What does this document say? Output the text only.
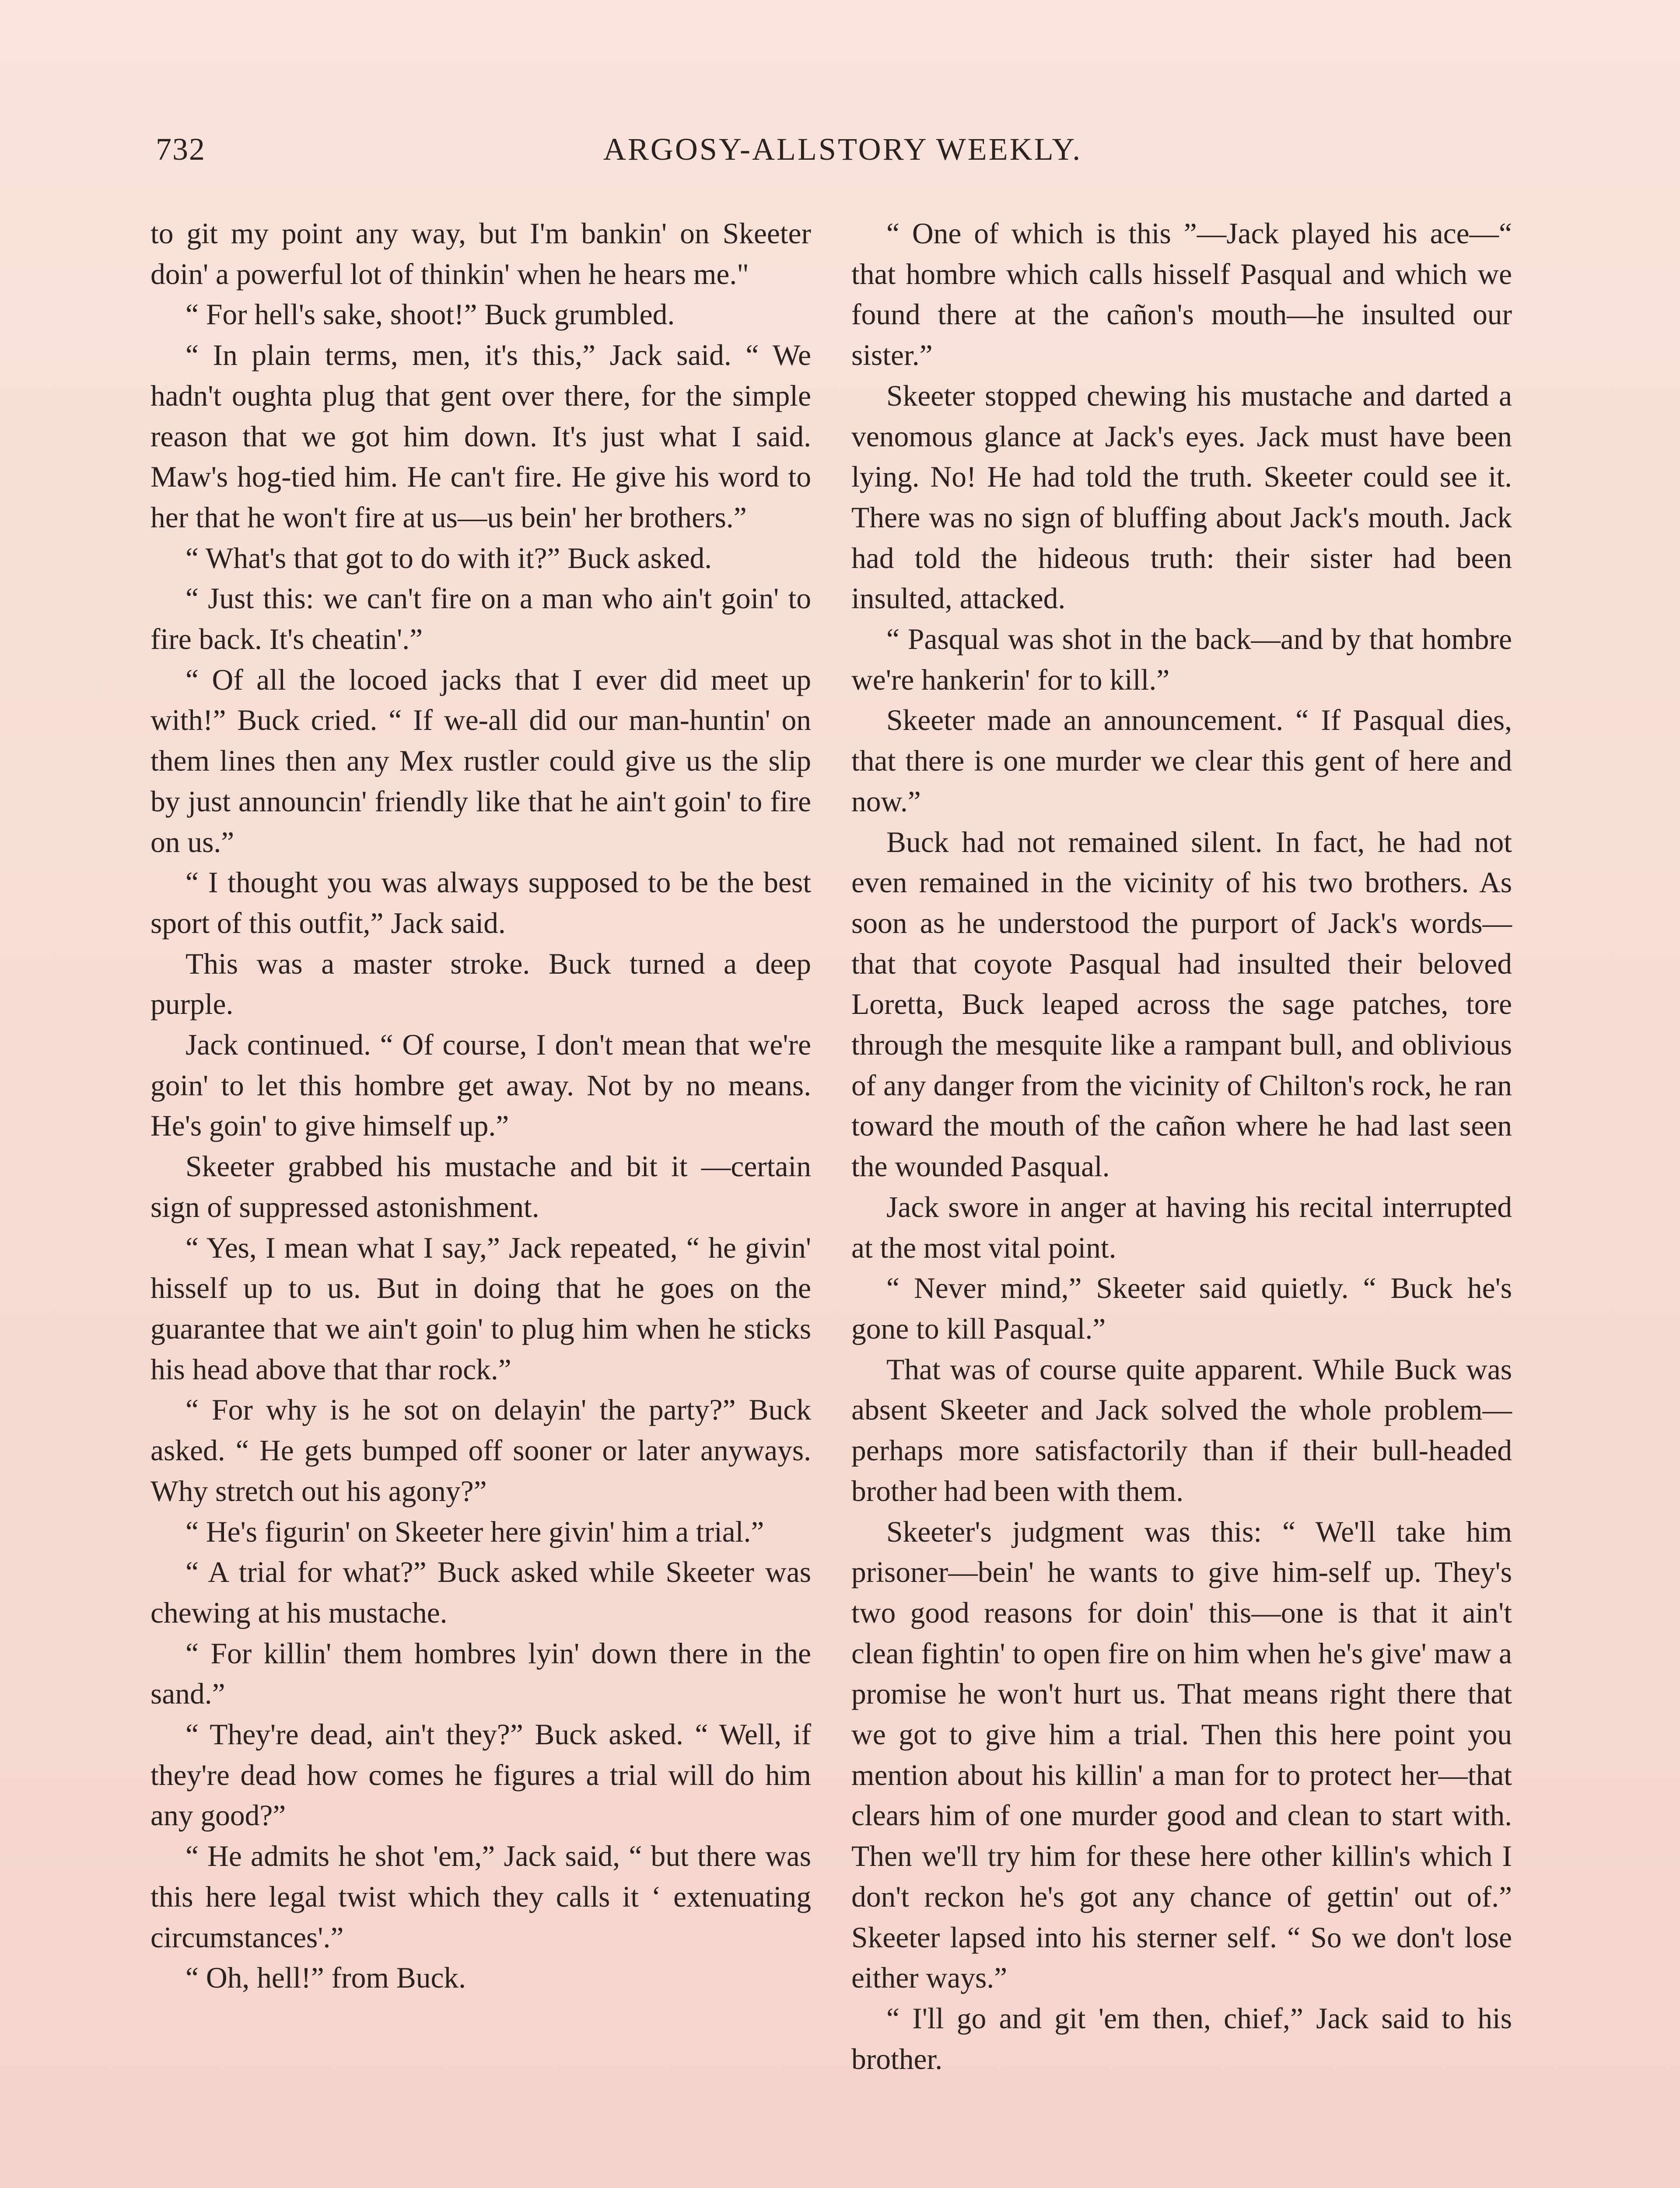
732	ARGOSY-ALLSTORY WEEKLY.

to git my point any way, but I'm bankin' on Skeeter doin' a powerful lot of thinkin' when he hears me."

“ For hell's sake, shoot!” Buck grumbled.

“ In plain terms, men, it's this,” Jack said. “ We hadn't oughta plug that gent over there, for the simple reason that we got him down. It's just what I said. Maw's hog-tied him. He can't fire. He give his word to her that he won't fire at us—us bein' her brothers.”

“ What's that got to do with it?” Buck asked.

“ Just this: we can't fire on a man who ain't goin' to fire back. It's cheatin'.”

“ Of all the locoed jacks that I ever did meet up with!” Buck cried. “ If we-all did our man-huntin' on them lines then any Mex rustler could give us the slip by just announcin' friendly like that he ain't goin' to fire on us.”

“ I thought you was always supposed to be the best sport of this outfit,” Jack said.

This was a master stroke. Buck turned a deep purple.

Jack continued. “ Of course, I don't mean that we're goin' to let this hombre get away. Not by no means. He's goin' to give himself up.”

Skeeter grabbed his mustache and bit it —certain sign of suppressed astonishment.

“ Yes, I mean what I say,” Jack repeated, “ he givin' hisself up to us. But in doing that he goes on the guarantee that we ain't goin' to plug him when he sticks his head above that thar rock.”

“ For why is he sot on delayin' the party?” Buck asked. “ He gets bumped off sooner or later anyways. Why stretch out his agony?”

“ He's figurin' on Skeeter here givin' him a trial.”

“ A trial for what?” Buck asked while Skeeter was chewing at his mustache.

“ For killin' them hombres lyin' down there in the sand.”

“ They're dead, ain't they?” Buck asked. “ Well, if they're dead how comes he figures a trial will do him any good?”

“ He admits he shot 'em,” Jack said, “ but there was this here legal twist which they calls it ‘ extenuating circumstances'.”

“ Oh, hell!” from Buck.

“ One of which is this ”—Jack played his ace—“ that hombre which calls hisself Pasqual and which we found there at the cañon's mouth—he insulted our sister.”

Skeeter stopped chewing his mustache and darted a venomous glance at Jack's eyes. Jack must have been lying. No! He had told the truth. Skeeter could see it. There was no sign of bluffing about Jack's mouth. Jack had told the hideous truth: their sister had been insulted, attacked.

“ Pasqual was shot in the back—and by that hombre we're hankerin' for to kill.”

Skeeter made an announcement. “ If Pasqual dies, that there is one murder we clear this gent of here and now.”

Buck had not remained silent. In fact, he had not even remained in the vicinity of his two brothers. As soon as he understood the purport of Jack's words—that that coyote Pasqual had insulted their beloved Loretta, Buck leaped across the sage patches, tore through the mesquite like a rampant bull, and oblivious of any danger from the vicinity of Chilton's rock, he ran toward the mouth of the cañon where he had last seen the wounded Pasqual.

Jack swore in anger at having his recital interrupted at the most vital point.

“ Never mind,” Skeeter said quietly. “ Buck he's gone to kill Pasqual.”

That was of course quite apparent. While Buck was absent Skeeter and Jack solved the whole problem—perhaps more satisfactorily than if their bull-headed brother had been with them.

Skeeter's judgment was this: “ We'll take him prisoner—bein' he wants to give him-self up. They's two good reasons for doin' this—one is that it ain't clean fightin' to open fire on him when he's give' maw a promise he won't hurt us. That means right there that we got to give him a trial. Then this here point you mention about his killin' a man for to protect her—that clears him of one murder good and clean to start with. Then we'll try him for these here other killin's which I don't reckon he's got any chance of gettin' out of.” Skeeter lapsed into his sterner self. “ So we don't lose either ways.”

“ I'll go and git 'em then, chief,” Jack said to his brother.
